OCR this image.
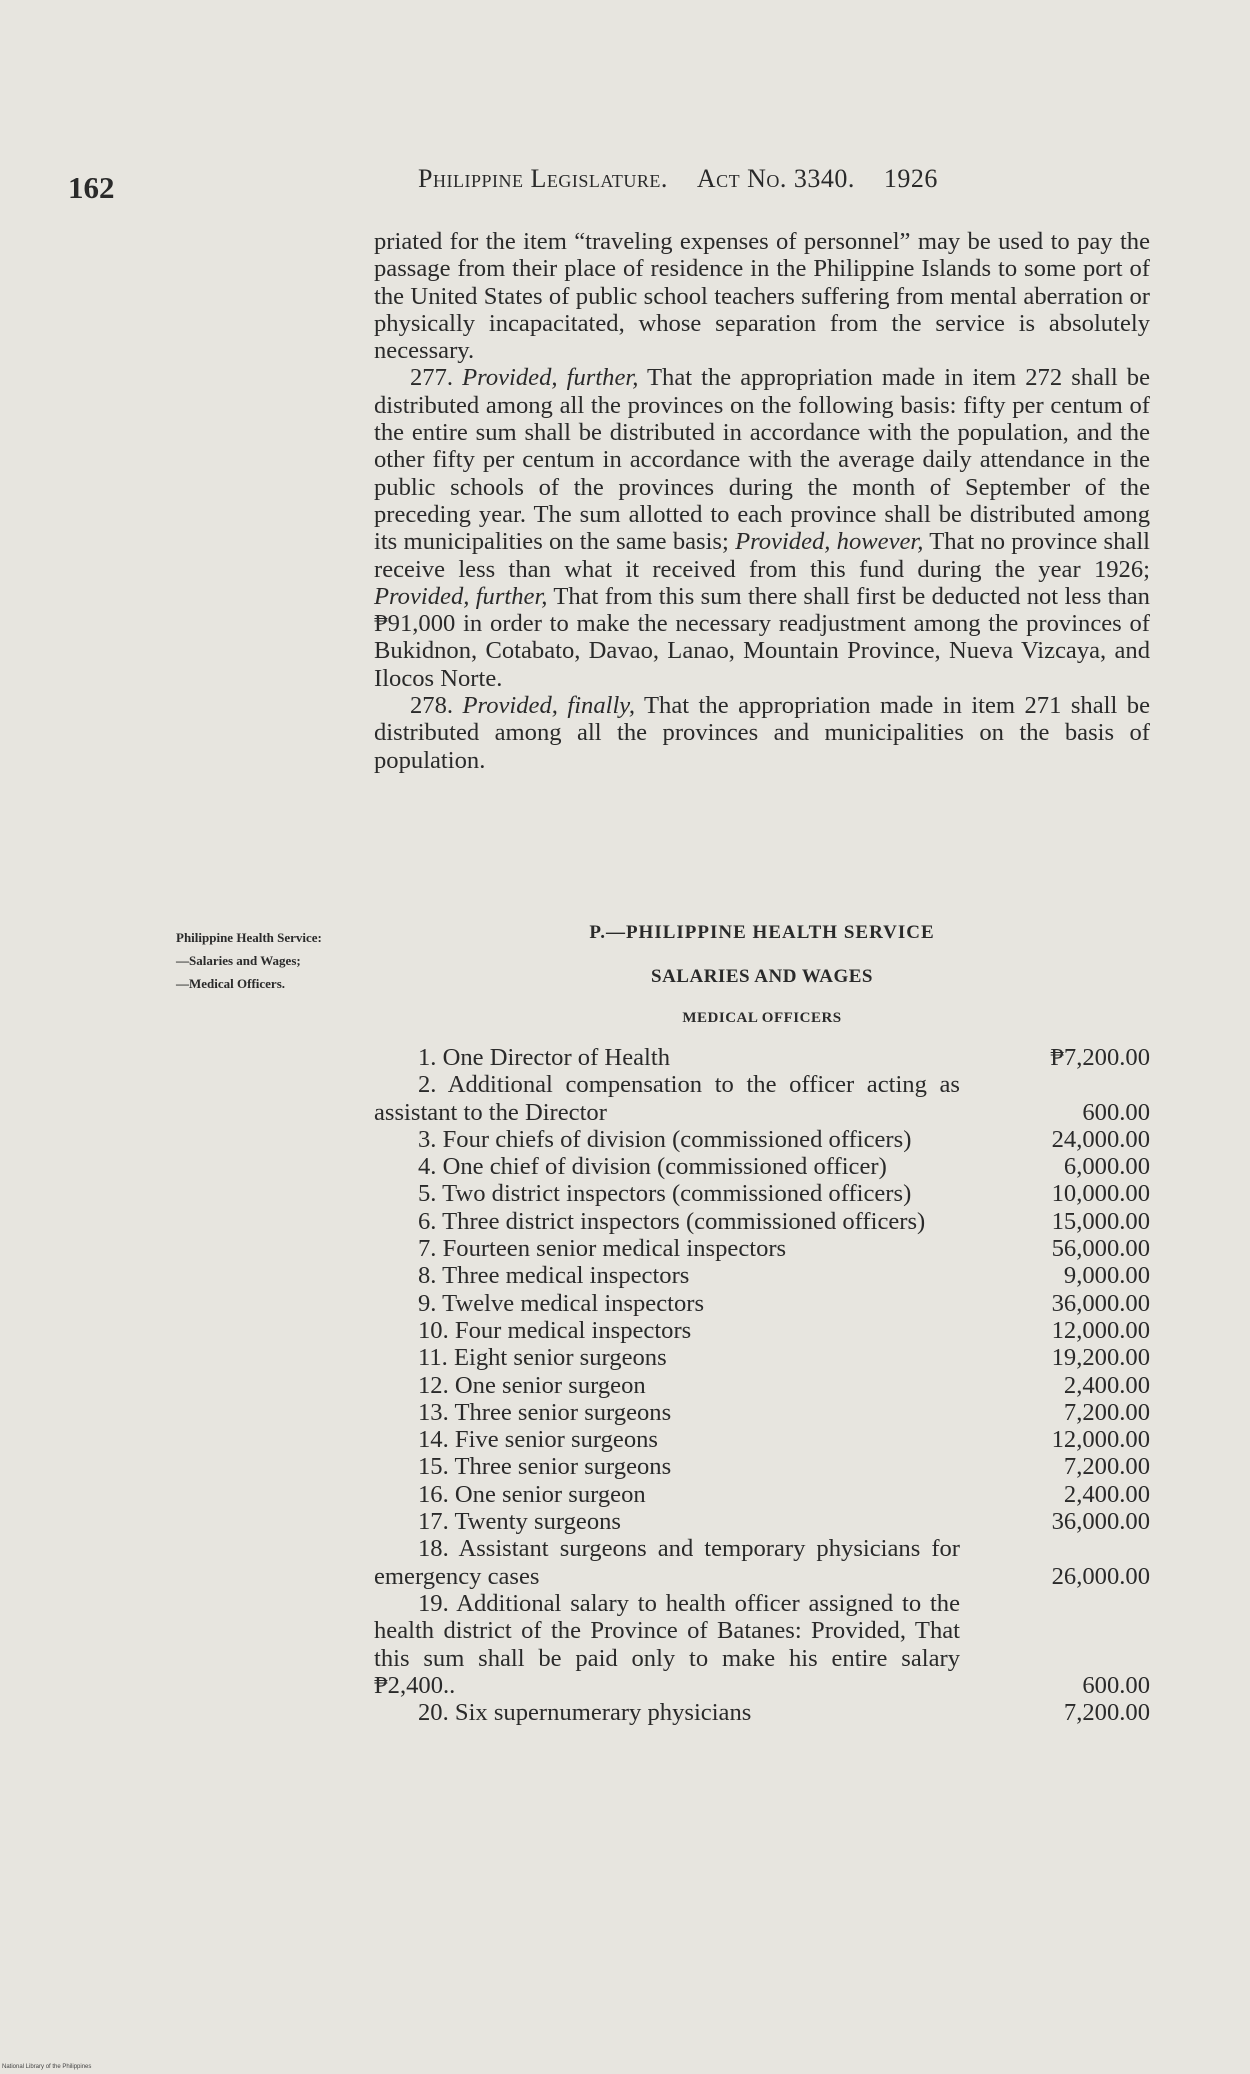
162	Philippine Legislature. Act No. 3340. 1926

priated for the item “traveling expenses of personnel” may be used to pay the passage from their place of residence in the Philippine Islands to some port of the United States of public school teachers suffering from mental aberration or physically incapacitated, whose separation from the service is absolutely necessary.

277. Provided, further, That the appropriation made in item 272 shall be distributed among all the provinces on the following basis: fifty per centum of the entire sum shall be distributed in accordance with the population, and the other fifty per centum in accordance with the average daily attendance in the public schools of the provinces during the month of September of the preceding year. The sum allotted to each province shall be distributed among its municipalities on the same basis; Provided, however, That no province shall receive less than what it received from this fund during the year 1926; Provided, further, That from this sum there shall first be deducted not less than ₱91,000 in order to make the necessary readjustment among the provinces of Bukidnon, Cotabato, Davao, Lanao, Mountain Province, Nueva Vizcaya, and Ilocos Norte.

278. Provided, finally, That the appropriation made in item 271 shall be distributed among all the provinces and municipalities on the basis of population.

Philippine Health Service:
—Salaries and Wages;
—Medical Officers.
P.—PHILIPPINE HEALTH SERVICE
SALARIES AND WAGES
MEDICAL OFFICERS
1. One Director of Health	₱7,200.00
2. Additional compensation to the officer acting as assistant to the Director	600.00
3. Four chiefs of division (commissioned officers)	24,000.00
4. One chief of division (commissioned officer)	6,000.00
5. Two district inspectors (commissioned officers)	10,000.00
6. Three district inspectors (commissioned officers)	15,000.00
7. Fourteen senior medical inspectors	56,000.00
8. Three medical inspectors	9,000.00
9. Twelve medical inspectors	36,000.00
10. Four medical inspectors	12,000.00
11. Eight senior surgeons	19,200.00
12. One senior surgeon	2,400.00
13. Three senior surgeons	7,200.00
14. Five senior surgeons	12,000.00
15. Three senior surgeons	7,200.00
16. One senior surgeon	2,400.00
17. Twenty surgeons	36,000.00
18. Assistant surgeons and temporary physicians for emergency cases	26,000.00
19. Additional salary to health officer assigned to the health district of the Province of Batanes: Provided, That this sum shall be paid only to make his entire salary ₱2,400..	600.00
20. Six supernumerary physicians	7,200.00
National Library of the Philippines
